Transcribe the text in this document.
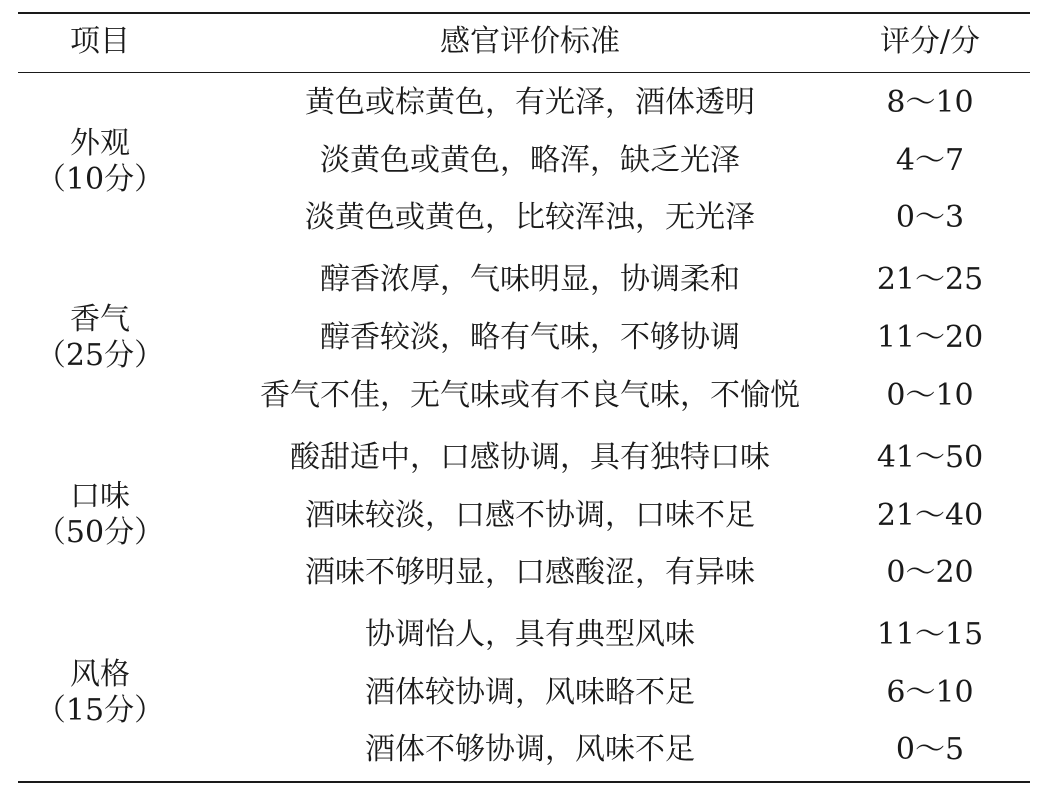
项目	感官评价标准	评分/分
外观
（10分）
黄色或棕黄色，有光泽，酒体透明	8～10
淡黄色或黄色，略浑，缺乏光泽	4～7
淡黄色或黄色，比较浑浊，无光泽	0～3
香气
（25分）
醇香浓厚，气味明显，协调柔和	21～25
醇香较淡，略有气味，不够协调	11～20
香气不佳，无气味或有不良气味，不愉悦	0～10
口味
（50分）
酸甜适中，口感协调，具有独特口味	41～50
酒味较淡，口感不协调，口味不足	21～40
酒味不够明显，口感酸涩，有异味	0～20
风格
（15分）
协调怡人，具有典型风味	11～15
酒体较协调，风味略不足	6～10
酒体不够协调，风味不足	0～5
